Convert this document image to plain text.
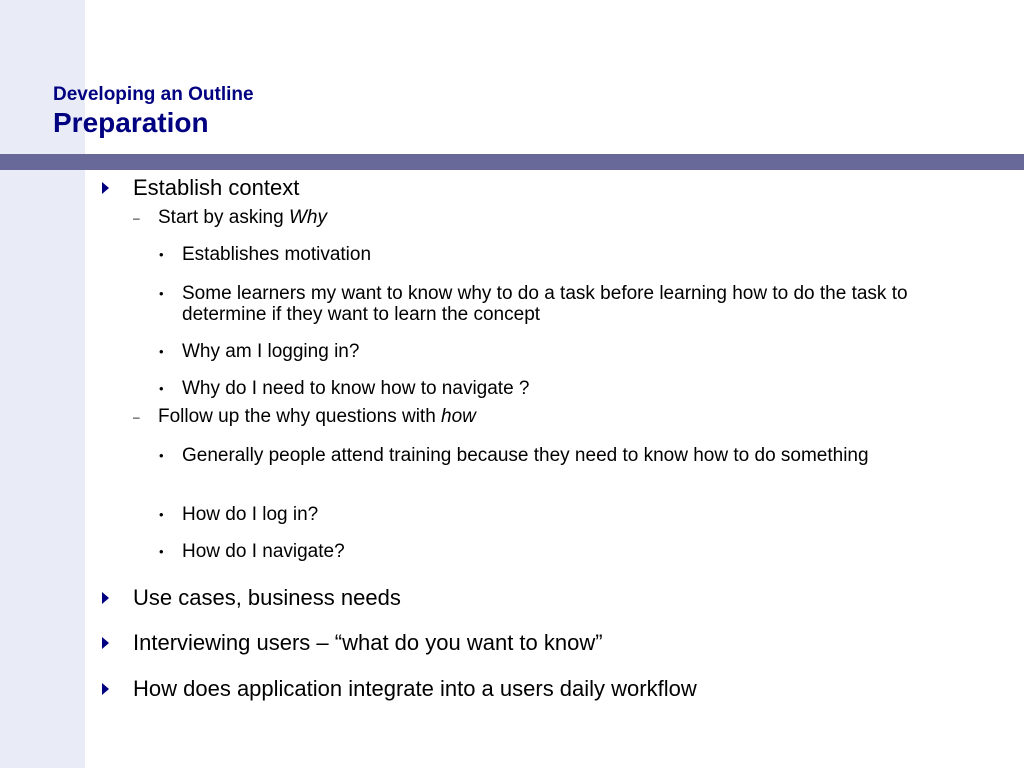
Developing an Outline
Preparation
Establish context
– Start by asking Why
• Establishes motivation
• Some learners my want to know why to do a task before learning how to do the task to determine if they want to learn the concept
• Why am I logging in?
• Why do I need to know how to navigate ?
– Follow up the why questions with how
• Generally people attend training because they need to know how to do something
• How do I log in?
• How do I navigate?
Use cases, business needs
Interviewing users – “what do you want to know”
How does application integrate into a users daily workflow
